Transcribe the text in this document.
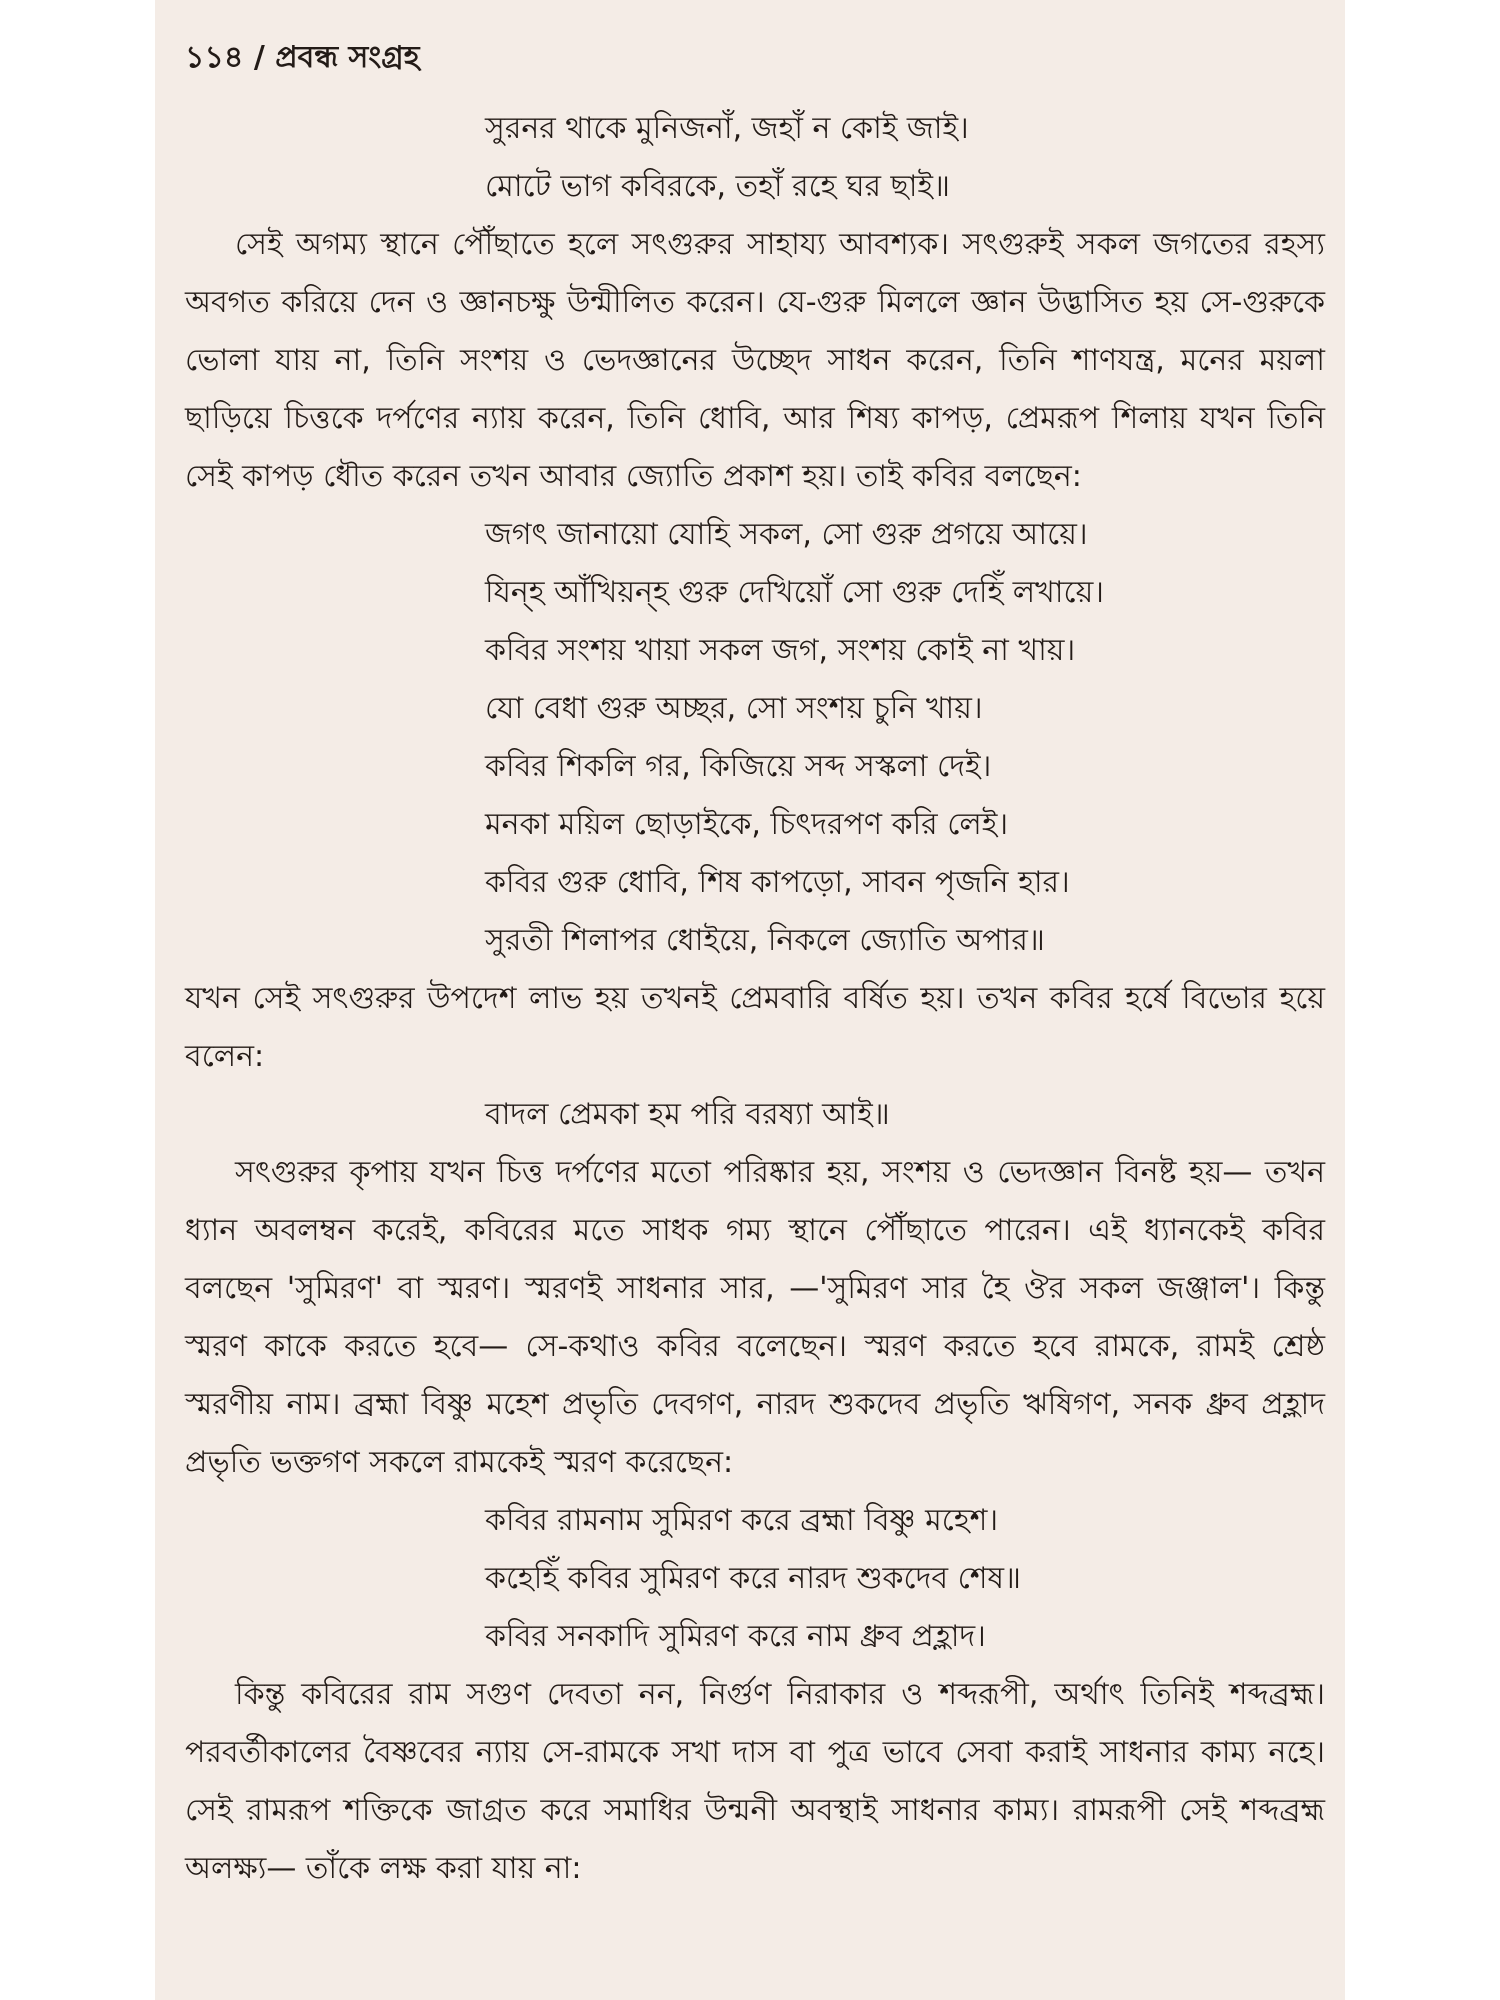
১১৪ / প্রবন্ধ সংগ্রহ
সুরনর থাকে মুনিজনাঁ, জহাঁ ন কোই জাই।
মোটে ভাগ কবিরকে, তহাঁ রহে ঘর ছাই॥

সেই অগম্য স্থানে পৌঁছাতে হলে সৎগুরুর সাহায্য আবশ্যক। সৎগুরুই সকল জগতের রহস্য অবগত করিয়ে দেন ও জ্ঞানচক্ষু উন্মীলিত করেন। যে-গুরু মিললে জ্ঞান উদ্ভাসিত হয় সে-গুরুকে ভোলা যায় না, তিনি সংশয় ও ভেদজ্ঞানের উচ্ছেদ সাধন করেন, তিনি শাণযন্ত্র, মনের ময়লা ছাড়িয়ে চিত্তকে দর্পণের ন্যায় করেন, তিনি ধোবি, আর শিষ্য কাপড়, প্রেমরূপ শিলায় যখন তিনি সেই কাপড় ধৌত করেন তখন আবার জ্যোতি প্রকাশ হয়। তাই কবির বলছেন:

জগৎ জানায়ো যোহি সকল, সো গুরু প্রগয়ে আয়ে।
যিন্হ আঁখিয়ন্হ গুরু দেখিয়োঁ সো গুরু দেহিঁ লখায়ে।
কবির সংশয় খায়া সকল জগ, সংশয় কোই না খায়।
যো বেধা গুরু অচ্ছর, সো সংশয় চুনি খায়।
কবির শিকলি গর, কিজিয়ে সব্দ সস্কলা দেই।
মনকা ময়িল ছোড়াইকে, চিৎদরপণ করি লেই।
কবির গুরু ধোবি, শিষ কাপড়ো, সাবন পৃজনি হার।
সুরতী শিলাপর ধোইয়ে, নিকলে জ্যোতি অপার॥

যখন সেই সৎগুরুর উপদেশ লাভ হয় তখনই প্রেমবারি বর্ষিত হয়। তখন কবির হর্ষে বিভোর হয়ে বলেন:

বাদল প্রেমকা হম পরি বরষ্যা আই॥

সৎগুরুর কৃপায় যখন চিত্ত দর্পণের মতো পরিষ্কার হয়, সংশয় ও ভেদজ্ঞান বিনষ্ট হয়— তখন ধ্যান অবলম্বন করেই, কবিরের মতে সাধক গম্য স্থানে পৌঁছাতে পারেন। এই ধ্যানকেই কবির বলছেন 'সুমিরণ' বা স্মরণ। স্মরণই সাধনার সার, —'সুমিরণ সার হৈ ঔর সকল জঞ্জাল'। কিন্তু স্মরণ কাকে করতে হবে— সে-কথাও কবির বলেছেন। স্মরণ করতে হবে রামকে, রামই শ্রেষ্ঠ স্মরণীয় নাম। ব্রহ্মা বিষ্ণু মহেশ প্রভৃতি দেবগণ, নারদ শুকদেব প্রভৃতি ঋষিগণ, সনক ধ্রুব প্রহ্লাদ প্রভৃতি ভক্তগণ সকলে রামকেই স্মরণ করেছেন:

কবির রামনাম সুমিরণ করে ব্রহ্মা বিষ্ণু মহেশ।
কহেহিঁ কবির সুমিরণ করে নারদ শুকদেব শেষ॥
কবির সনকাদি সুমিরণ করে নাম ধ্রুব প্রহ্লাদ।

কিন্তু কবিরের রাম সগুণ দেবতা নন, নির্গুণ নিরাকার ও শব্দরূপী, অর্থাৎ তিনিই শব্দব্রহ্ম। পরবর্তীকালের বৈষ্ণবের ন্যায় সে-রামকে সখা দাস বা পুত্র ভাবে সেবা করাই সাধনার কাম্য নহে। সেই রামরূপ শক্তিকে জাগ্রত করে সমাধির উন্মনী অবস্থাই সাধনার কাম্য। রামরূপী সেই শব্দব্রহ্ম অলক্ষ্য— তাঁকে লক্ষ করা যায় না:
